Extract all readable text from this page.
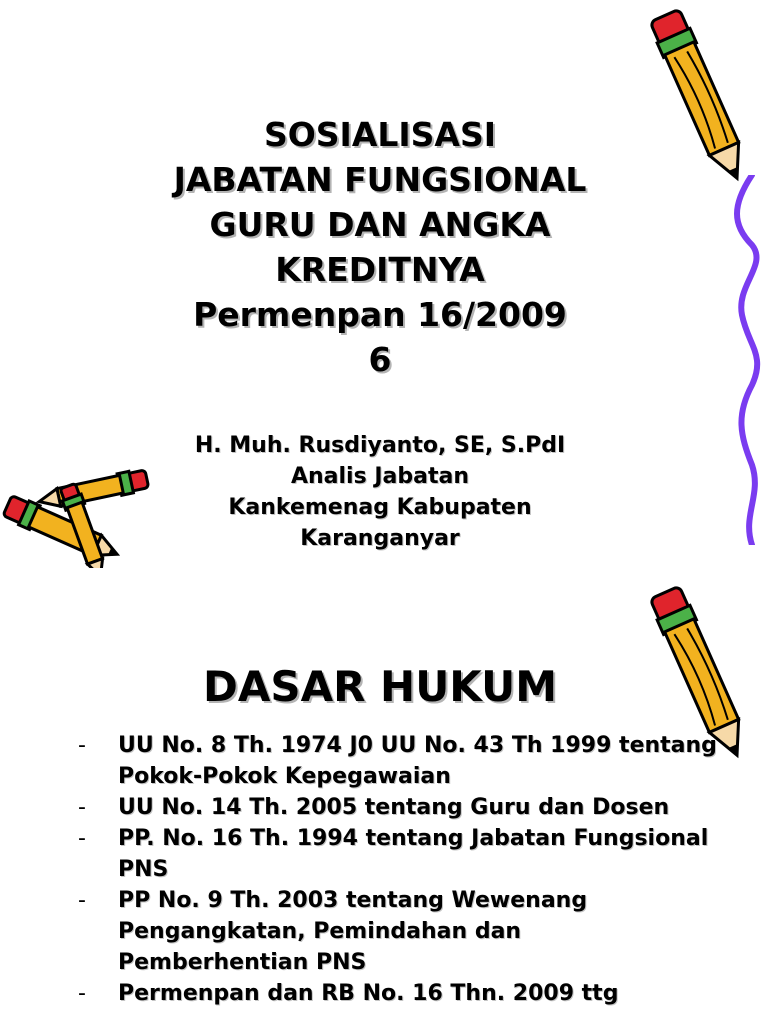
SOSIALISASI
JABATAN FUNGSIONAL
GURU DAN ANGKA
KREDITNYA
Permenpan 16/2009
6
H. Muh. Rusdiyanto, SE, S.PdI
Analis Jabatan
Kankemenag Kabupaten
Karanganyar
DASAR HUKUM
- UU No. 8 Th. 1974 J0 UU No. 43 Th 1999 tentang Pokok-Pokok Kepegawaian
- UU No. 14 Th. 2005 tentang Guru dan Dosen
- PP. No. 16 Th. 1994 tentang Jabatan Fungsional PNS
- PP No. 9 Th. 2003 tentang Wewenang Pengangkatan, Pemindahan dan Pemberhentian PNS
- Permenpan dan RB No. 16 Thn. 2009 ttg
